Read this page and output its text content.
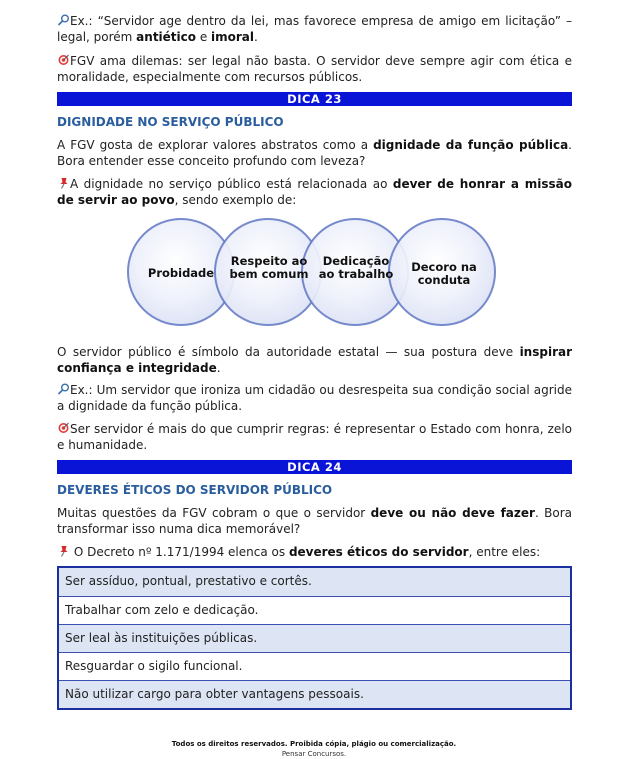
Ex.: “Servidor age dentro da lei, mas favorece empresa de amigo em licitação” – legal, porém antiético e imoral.

FGV ama dilemas: ser legal não basta. O servidor deve sempre agir com ética e moralidade, especialmente com recursos públicos.

DICA 23
DIGNIDADE NO SERVIÇO PÚBLICO

A FGV gosta de explorar valores abstratos como a dignidade da função pública. Bora entender esse conceito profundo com leveza?

A dignidade no serviço público está relacionada ao dever de honrar a missão de servir ao povo, sendo exemplo de:

Probidade
Respeito ao bem comum
Dedicação ao trabalho	Decoro na conduta

O servidor público é símbolo da autoridade estatal — sua postura deve inspirar confiança e integridade.

Ex.: Um servidor que ironiza um cidadão ou desrespeita sua condição social agride a dignidade da função pública.

Ser servidor é mais do que cumprir regras: é representar o Estado com honra, zelo e humanidade.

DICA 24
DEVERES ÉTICOS DO SERVIDOR PÚBLICO

Muitas questões da FGV cobram o que o servidor deve ou não deve fazer. Bora transformar isso numa dica memorável?

O Decreto nº 1.171/1994 elenca os deveres éticos do servidor, entre eles:

Ser assíduo, pontual, prestativo e cortês.
Trabalhar com zelo e dedicação.
Ser leal às instituições públicas.
Resguardar o sigilo funcional.
Não utilizar cargo para obter vantagens pessoais.
Todos os direitos reservados. Proibida cópia, plágio ou comercialização.
Pensar Concursos.
